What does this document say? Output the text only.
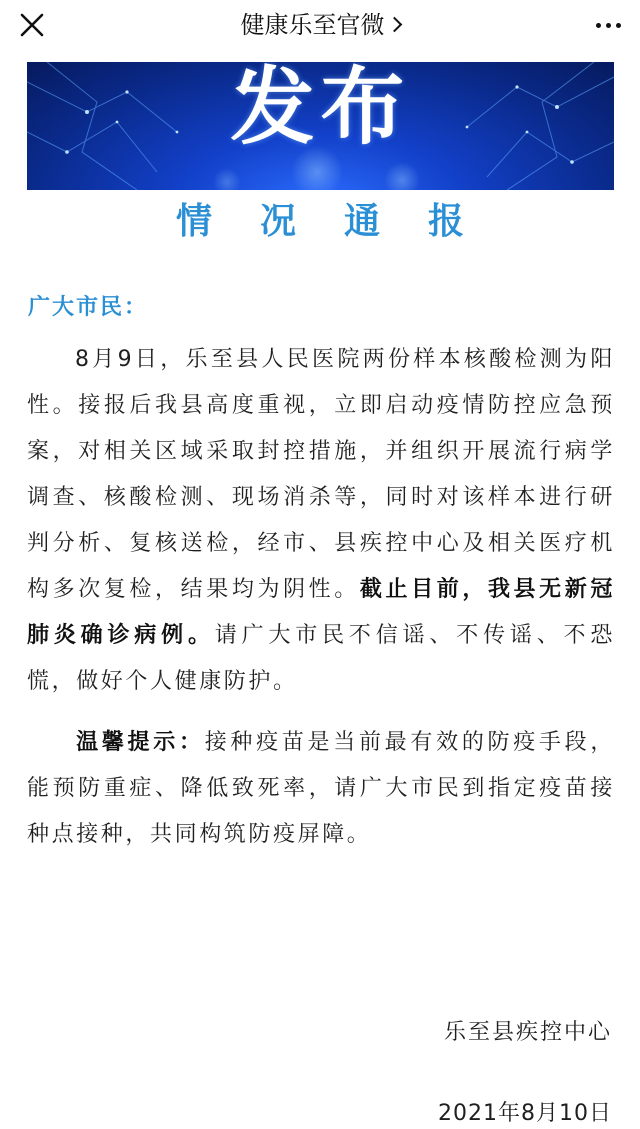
健康乐至官微
发布
情况通报
广大市民：

8月9日，乐至县人民医院两份样本核酸检测为阳性。接报后我县高度重视，立即启动疫情防控应急预案，对相关区域采取封控措施，并组织开展流行病学调查、核酸检测、现场消杀等，同时对该样本进行研判分析、复核送检，经市、县疾控中心及相关医疗机构多次复检，结果均为阴性。截止目前，我县无新冠肺炎确诊病例。请广大市民不信谣、不传谣、不恐慌，做好个人健康防护。

温馨提示：接种疫苗是当前最有效的防疫手段，能预防重症、降低致死率，请广大市民到指定疫苗接种点接种，共同构筑防疫屏障。

乐至县疾控中心
2021年8月10日
